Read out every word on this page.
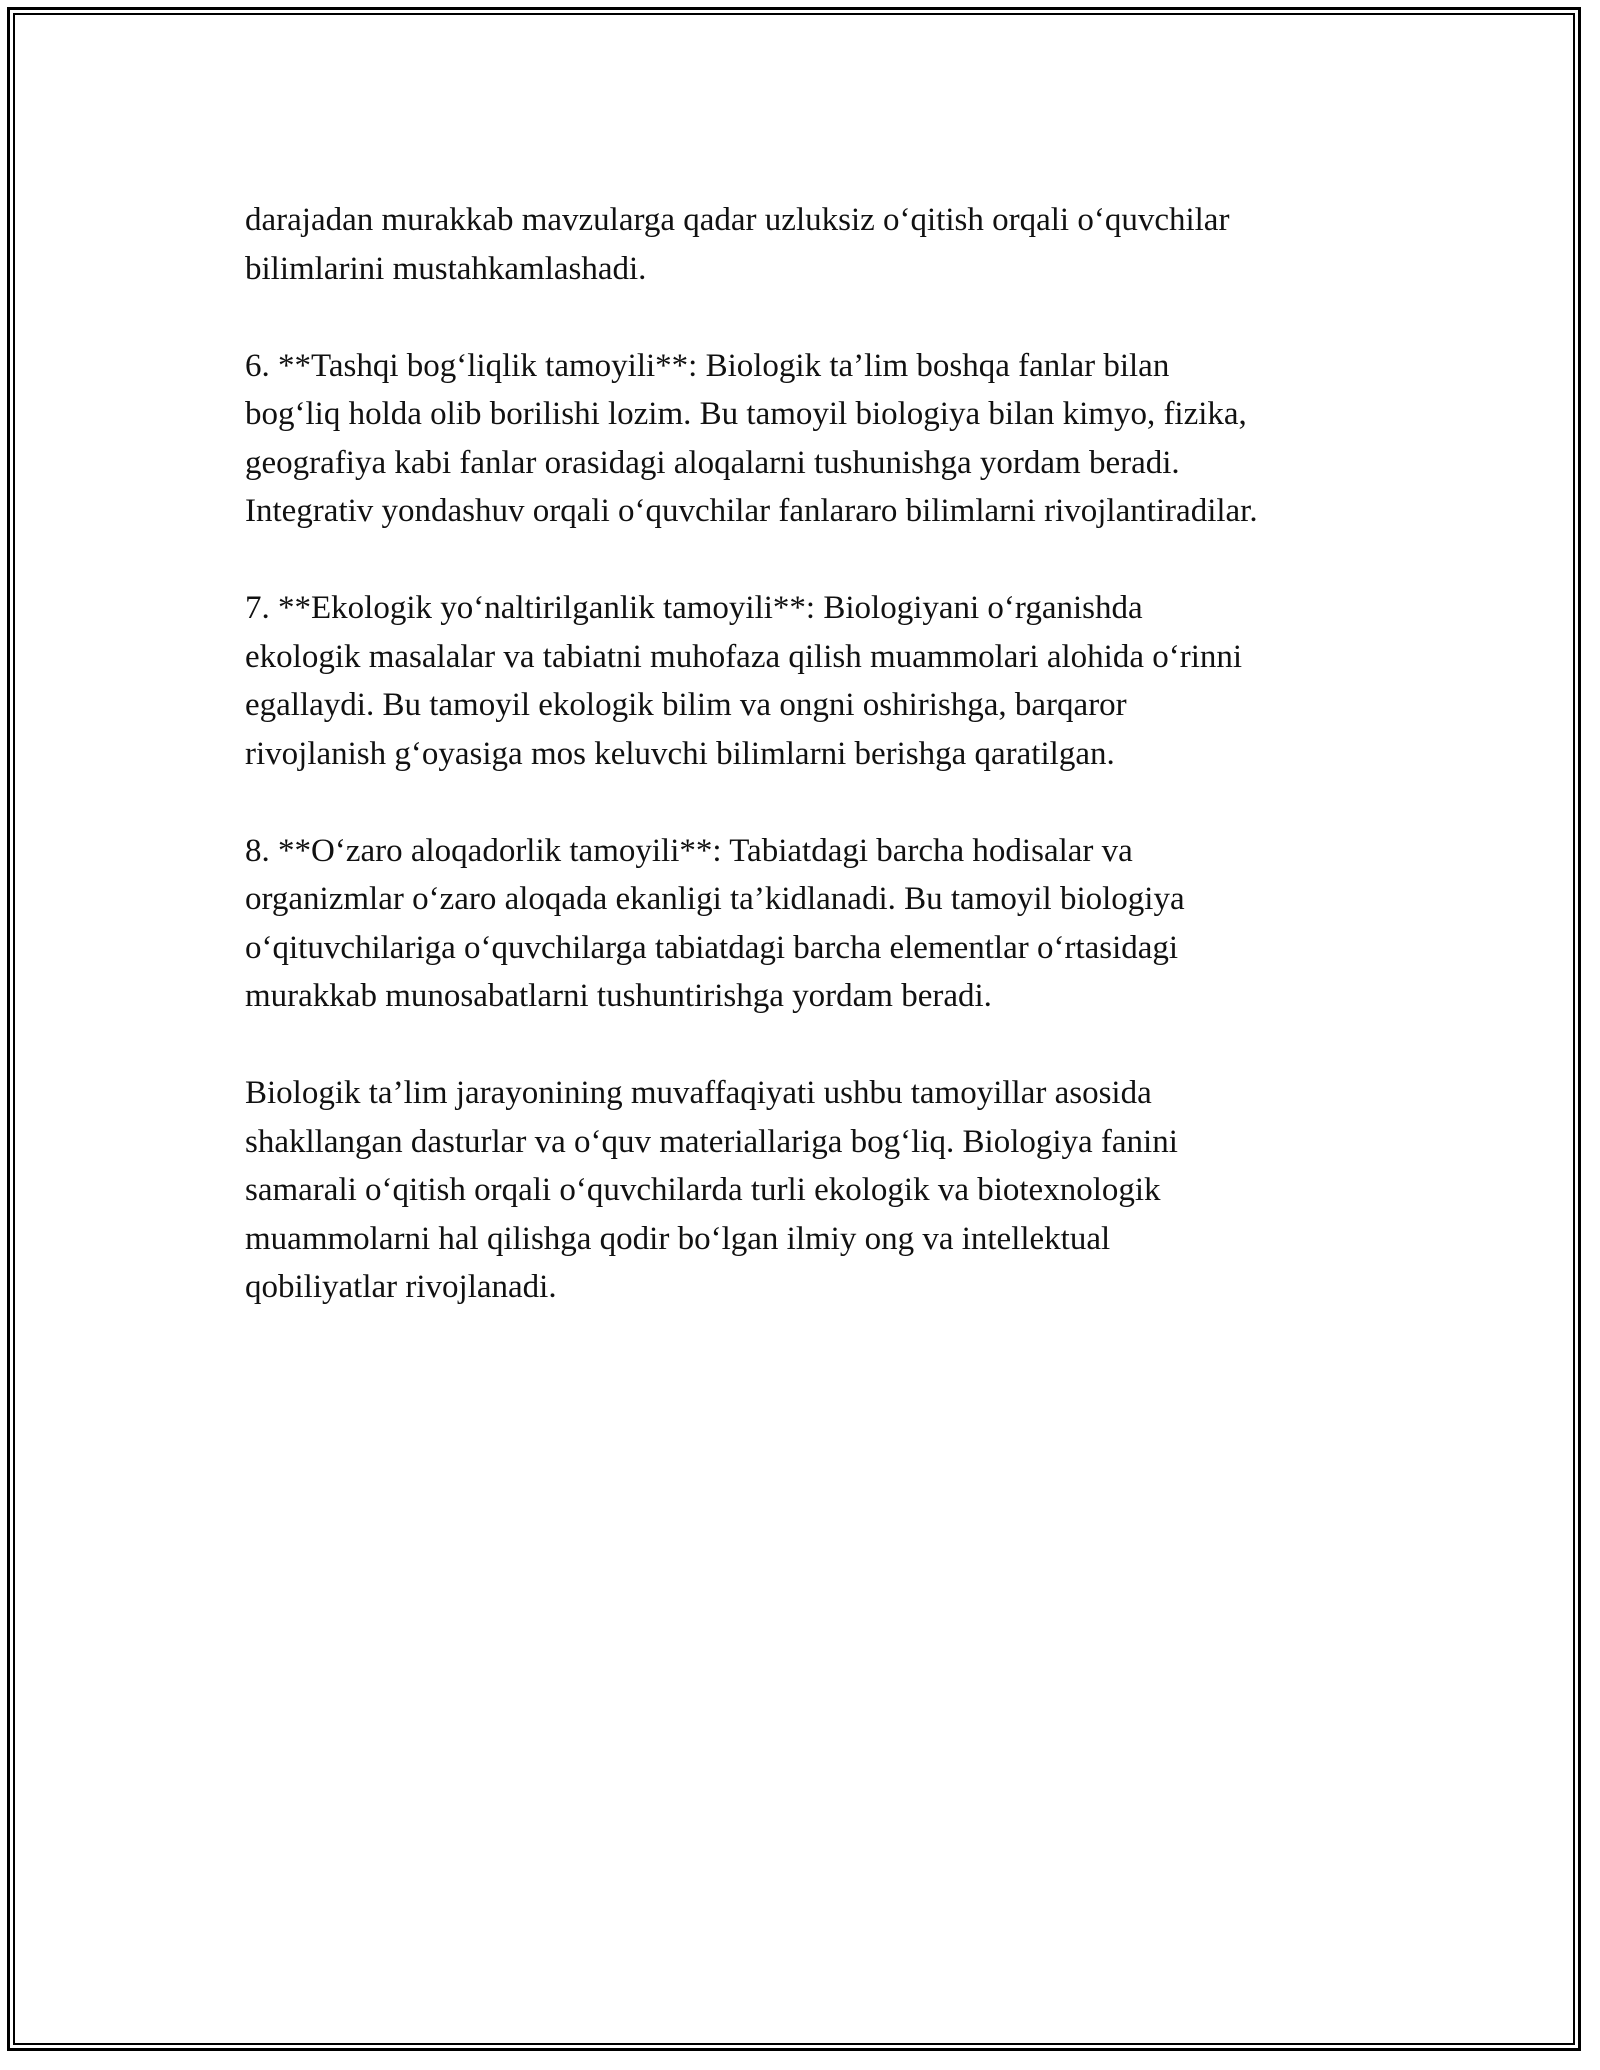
darajadan murakkab mavzularga qadar uzluksiz o‘qitish orqali o‘quvchilar
bilimlarini mustahkamlashadi.

6. **Tashqi bog‘liqlik tamoyili**: Biologik ta’lim boshqa fanlar bilan
bog‘liq holda olib borilishi lozim. Bu tamoyil biologiya bilan kimyo, fizika,
geografiya kabi fanlar orasidagi aloqalarni tushunishga yordam beradi.
Integrativ yondashuv orqali o‘quvchilar fanlararo bilimlarni rivojlantiradilar.

7. **Ekologik yo‘naltirilganlik tamoyili**: Biologiyani o‘rganishda
ekologik masalalar va tabiatni muhofaza qilish muammolari alohida o‘rinni
egallaydi. Bu tamoyil ekologik bilim va ongni oshirishga, barqaror
rivojlanish g‘oyasiga mos keluvchi bilimlarni berishga qaratilgan.

8. **O‘zaro aloqadorlik tamoyili**: Tabiatdagi barcha hodisalar va
organizmlar o‘zaro aloqada ekanligi ta’kidlanadi. Bu tamoyil biologiya
o‘qituvchilariga o‘quvchilarga tabiatdagi barcha elementlar o‘rtasidagi
murakkab munosabatlarni tushuntirishga yordam beradi.

Biologik ta’lim jarayonining muvaffaqiyati ushbu tamoyillar asosida
shakllangan dasturlar va o‘quv materiallariga bog‘liq. Biologiya fanini
samarali o‘qitish orqali o‘quvchilarda turli ekologik va biotexnologik
muammolarni hal qilishga qodir bo‘lgan ilmiy ong va intellektual
qobiliyatlar rivojlanadi.
